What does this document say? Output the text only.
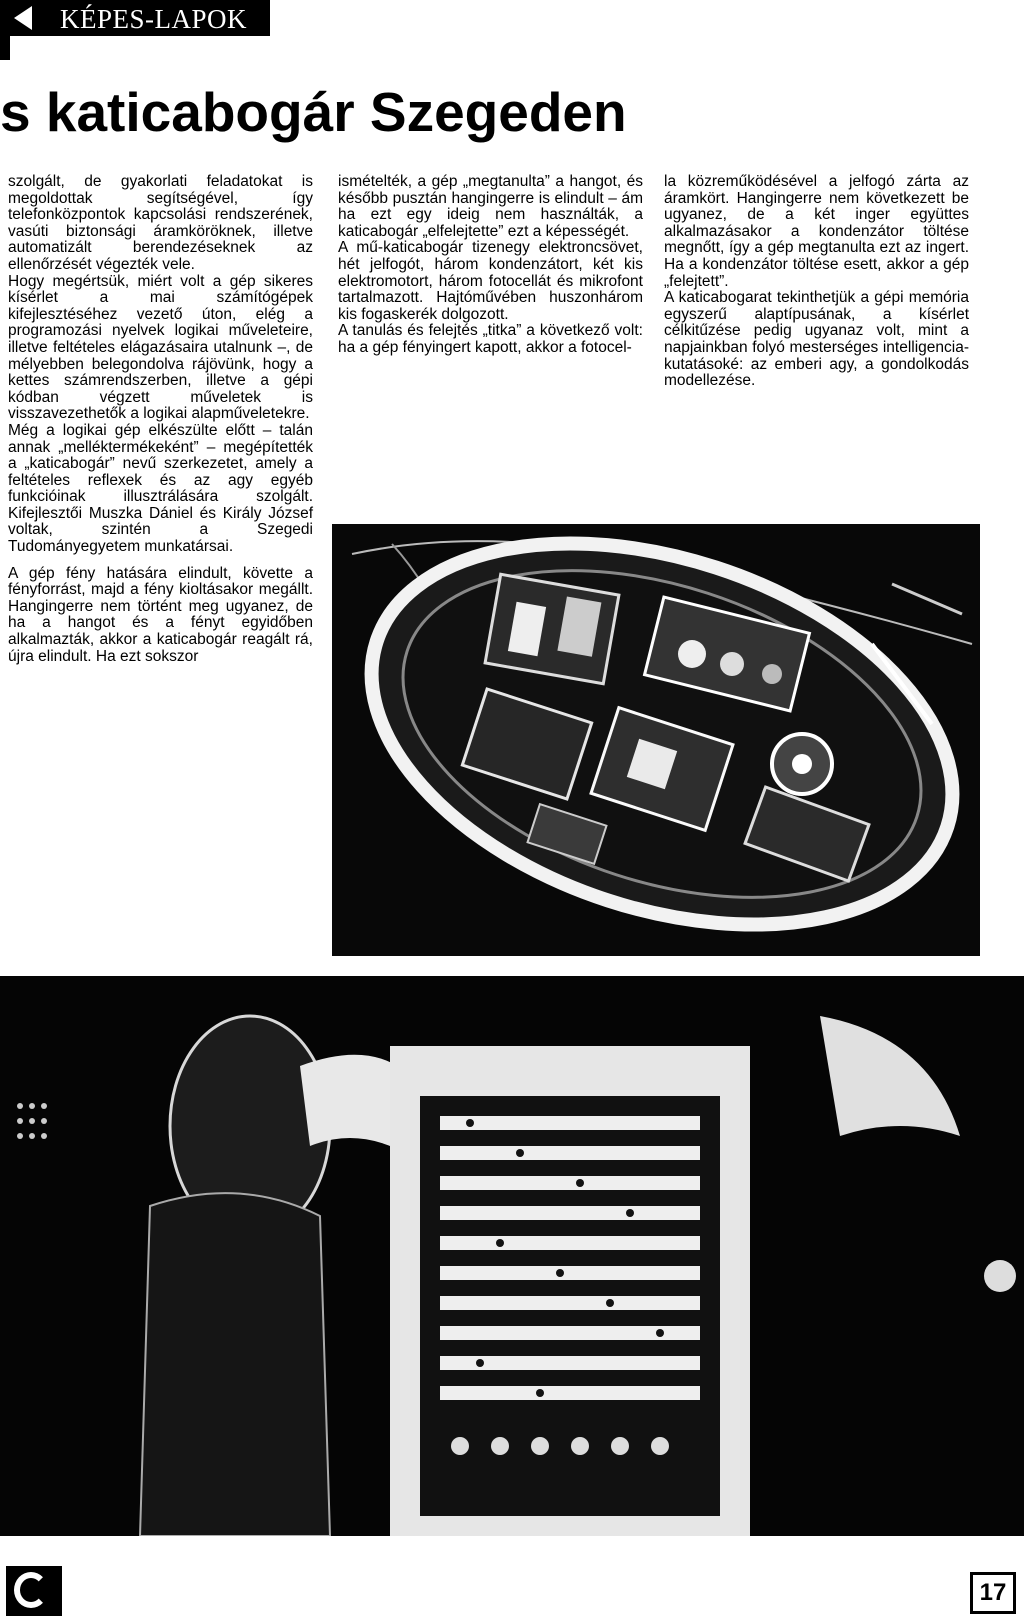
KÉPES-LAPOK
s katicabogár Szegeden

szolgált, de gyakorlati feladatokat is megoldottak segítségével, így telefonközpontok kapcsolási rendszerének, vasúti biztonsági áramköröknek, illetve automatizált berendezéseknek az ellenőrzését végezték vele.

Hogy megértsük, miért volt a gép sikeres kísérlet a mai számítógépek kifejlesztéséhez vezető úton, elég a programozási nyelvek logikai műveleteire, illetve feltételes elágazásaira utalnunk –, de mélyebben belegondolva rájövünk, hogy a kettes számrendszerben, illetve a gépi kódban végzett műveletek is visszavezethetők a logikai alapműveletekre.

Még a logikai gép elkészülte előtt – talán annak „melléktermékeként” – megépítették a „katicabogár” nevű szerkezetet, amely a feltételes reflexek és az agy egyéb funkcióinak illusztrálására szolgált. Kifejlesztői Muszka Dániel és Király József voltak, szintén a Szegedi Tudományegyetem munkatársai.

A gép fény hatására elindult, követte a fényforrást, majd a fény kioltásakor megállt. Hangingerre nem történt meg ugyanez, de ha a hangot és a fényt egyidőben alkalmazták, akkor a katicabogár reagált rá, újra elindult. Ha ezt sokszor

ismételték, a gép „megtanulta” a hangot, és később pusztán hangingerre is elindult – ám ha ezt egy ideig nem használták, a katicabogár „elfelejtette” ezt a képességét.

A mű-katicabogár tizenegy elektroncsövet, hét jelfogót, három kondenzátort, két kis elektromotort, három fotocellát és mikrofont tartalmazott. Hajtóművében huszonhárom kis fogaskerék dolgozott.

A tanulás és felejtés „titka” a következő volt: ha a gép fényingert kapott, akkor a fotocel-

la közreműködésével a jelfogó zárta az áramkört. Hangingerre nem következett be ugyanez, de a két inger együttes alkalmazásakor a kondenzátor töltése megnőtt, így a gép megtanulta ezt az ingert. Ha a kondenzátor töltése esett, akkor a gép „felejtett”.

A katicabogarat tekinthetjük a gépi memória egyszerű alaptípusának, a kísérlet célkitűzése pedig ugyanaz volt, mint a napjainkban folyó mesterséges intelligencia-kutatásoké: az emberi agy, a gondolkodás modellezése.

17
